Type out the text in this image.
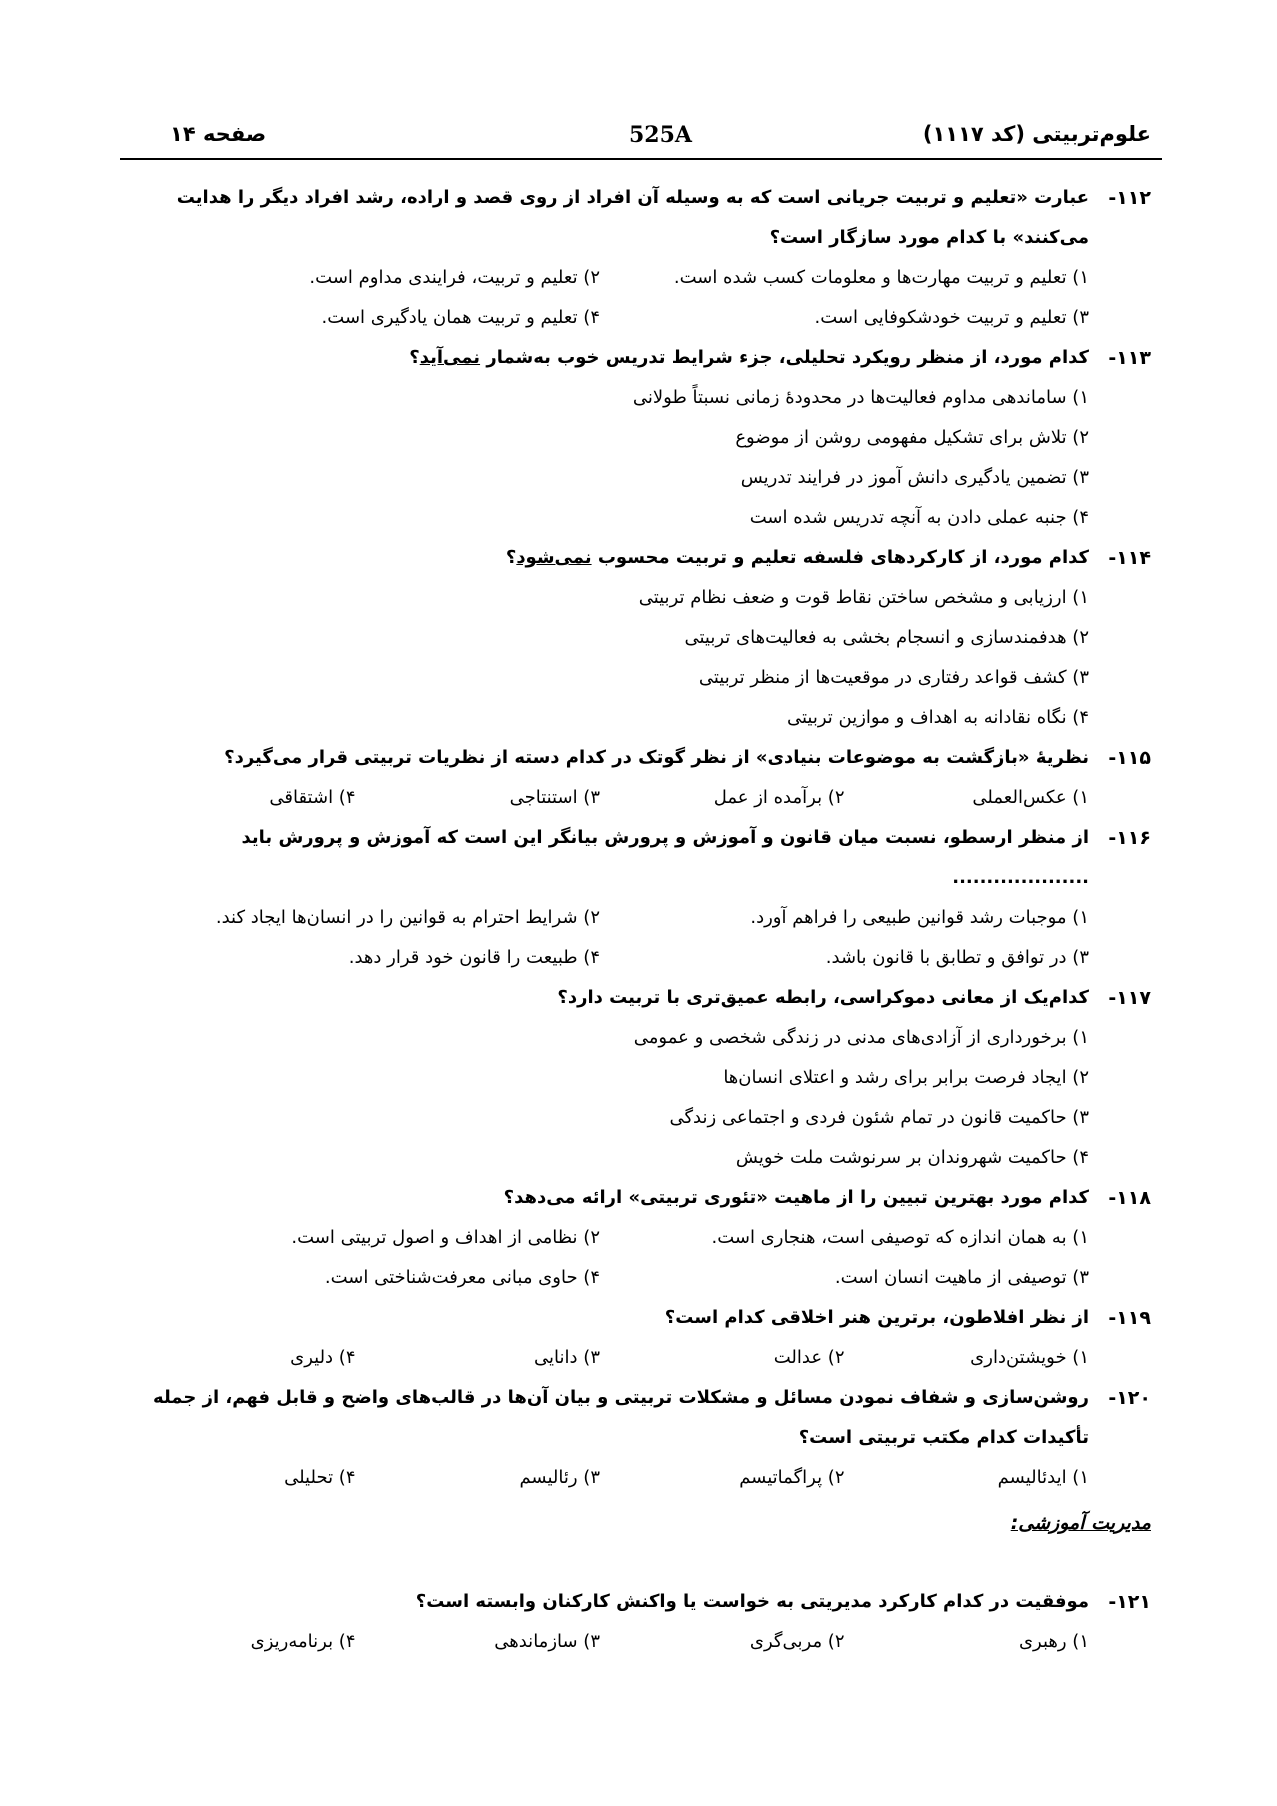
علوم‌تربیتی (کد ۱۱۱۷)
525A
صفحه ۱۴
۱۱۲-
عبارت «تعلیم و تربیت جریانی است که به وسیله آن افراد از روی قصد و اراده، رشد افراد دیگر را هدایت می‌کنند» با کدام مورد سازگار است؟
۱) تعلیم و تربیت مهارت‌ها و معلومات کسب شده است.
۲) تعلیم و تربیت، فرایندی مداوم است.
۳) تعلیم و تربیت خودشکوفایی است.
۴) تعلیم و تربیت همان یادگیری است.
۱۱۳-
کدام مورد، از منظر رویکرد تحلیلی، جزء شرایط تدریس خوب به‌شمار نمی‌آید؟
۱) ساماندهی مداوم فعالیت‌ها در محدودهٔ زمانی نسبتاً طولانی
۲) تلاش برای تشکیل مفهومی روشن از موضوع
۳) تضمین یادگیری دانش آموز در فرایند تدریس
۴) جنبه عملی دادن به آنچه تدریس شده است
۱۱۴-
کدام مورد، از کارکردهای فلسفه تعلیم و تربیت محسوب نمی‌شود؟
۱) ارزیابی و مشخص ساختن نقاط قوت و ضعف نظام تربیتی
۲) هدفمندسازی و انسجام بخشی به فعالیت‌های تربیتی
۳) کشف قواعد رفتاری در موقعیت‌ها از منظر تربیتی
۴) نگاه نقادانه به اهداف و موازین تربیتی
۱۱۵-
نظریهٔ «بازگشت به موضوعات بنیادی» از نظر گوتک در کدام دسته از نظریات تربیتی قرار می‌گیرد؟
۱) عکس‌العملی
۲) برآمده از عمل
۳) استنتاجی
۴) اشتقاقی
۱۱۶-
از منظر ارسطو، نسبت میان قانون و آموزش و پرورش بیانگر این است که آموزش و پرورش باید ....................
۱) موجبات رشد قوانین طبیعی را فراهم آورد.
۲) شرایط احترام به قوانین را در انسان‌ها ایجاد کند.
۳) در توافق و تطابق با قانون باشد.
۴) طبیعت را قانون خود قرار دهد.
۱۱۷-
کدام‌یک از معانی دموکراسی، رابطه عمیق‌تری با تربیت دارد؟
۱) برخورداری از آزادی‌های مدنی در زندگی شخصی و عمومی
۲) ایجاد فرصت برابر برای رشد و اعتلای انسان‌ها
۳) حاکمیت قانون در تمام شئون فردی و اجتماعی زندگی
۴) حاکمیت شهروندان بر سرنوشت ملت خویش
۱۱۸-
کدام مورد بهترین تبیین را از ماهیت «تئوری تربیتی» ارائه می‌دهد؟
۱) به همان اندازه که توصیفی است، هنجاری است.
۲) نظامی از اهداف و اصول تربیتی است.
۳) توصیفی از ماهیت انسان است.
۴) حاوی مبانی معرفت‌شناختی است.
۱۱۹-
از نظر افلاطون، برترین هنر اخلاقی کدام است؟
۱) خویشتن‌داری
۲) عدالت
۳) دانایی
۴) دلیری
۱۲۰-
روشن‌سازی و شفاف نمودن مسائل و مشکلات تربیتی و بیان آن‌ها در قالب‌های واضح و قابل فهم، از جمله تأکیدات کدام مکتب تربیتی است؟
۱) ایدئالیسم
۲) پراگماتیسم
۳) رئالیسم
۴) تحلیلی
مدیریت آموزشی:
۱۲۱-
موفقیت در کدام کارکرد مدیریتی به خواست یا واکنش کارکنان وابسته است؟
۱) رهبری
۲) مربی‌گری
۳) سازماندهی
۴) برنامه‌ریزی
